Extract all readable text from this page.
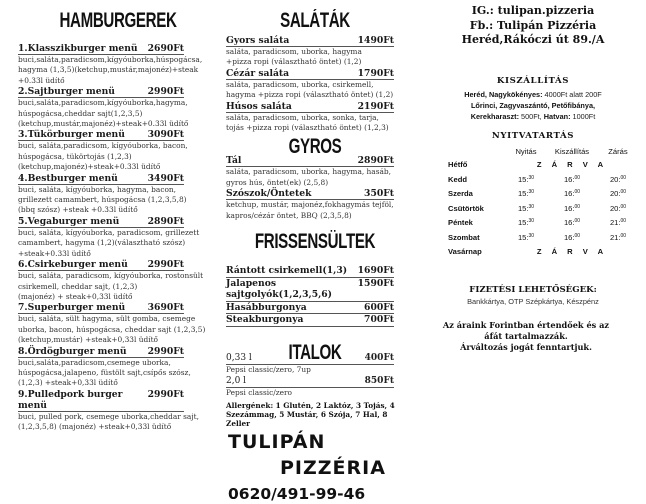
HAMBURGEREK
1.Klasszikburger menü 2690Ft
buci,saláta,paradicsom,kígyóuborka,húspogácsa,
hagyma (1,3,5)(ketchup,mustár,majonéz)+steak
+0.33l üdítő
2.Sajtburger menü	2990Ft
buci,saláta,paradicsom,kígyóuborka,hagyma,
húspogácsa,cheddar sajt(1,2,3,5)
(ketchup,mustár,majonéz)+steak+0.33l üdítő
3.Tükörburger menü 3090Ft
buci, saláta,paradicsom, kígyóuborka, bacon,
húspogácsa, tükörtojás (1,2,3)
(ketchup,majonéz)+steak+0.33l üdítő
4.Bestburger menü	3490Ft
buci, saláta, kígyóuborka, hagyma, bacon,
grillezett camambert, húspogácsa (1,2,3,5,8)
(bbq szósz) +steak +0.33l üdítő
5.Vegaburger menü	2890Ft
buci, saláta, kígyóuborka, paradicsom, grillezett
camambert, hagyma (1,2)(választható szósz)
+steak+0.33l üdítő
6.Csirkeburger menü 2990Ft
buci, saláta, paradicsom, kígyóuborka, rostonsült
csirkemell, cheddar sajt, (1,2,3)
(majonéz) + steak+0,33l üdítő
7.Superburger menü 3690Ft
buci, saláta, sült hagyma, sült gomba, csemege
uborka, bacon, húspogácsa, cheddar sajt (1,2,3,5)
(ketchup,mustár) +steak+0,33l üdítő
8.Ördögburger menü 2990Ft
buci,saláta,paradicsom,csemege uborka,
húspogácsa,jalapeno, füstölt sajt,csípős szósz,
(1,2,3) +steak+0,33l üdítő
9.Pulledpork burger menü
2990Ft
buci, pulled pork, csemege uborka,cheddar sajt,
(1,2,3,5,8) (majonéz) +steak+0,33l üdítő
SALÁTÁK
Gyors saláta	1490Ft
saláta, paradicsom, uborka, hagyma
+pizza ropi (választható öntet) (1,2)
Cézár saláta	1790Ft
saláta, paradicsom, uborka, csirkemell,
hagyma +pizza ropi (választható öntet) (1,2)
Húsos saláta	2190Ft
saláta, paradicsom, uborka, sonka, tarja,
tojás +pizza ropi (választható öntet) (1,2,3)
GYROS
Tál	2890Ft
saláta, paradicsom, uborka, hagyma, hasáb,
gyros hús, öntet(ek) (2,5,8)
Szószok/Öntetek	350Ft
ketchup, mustár, majonéz,fokhagymás tejföl,
kapros/cézár öntet, BBQ (2,3,5,8)
FRISSENSÜLTEK
Rántott csirkemell(1,3) 1690Ft
Jalapenos sajtgolyók(1,2,3,5,6)
1590Ft
Hasábburgonya	600Ft
Steakburgonya	700Ft
ITALOK
0,33 l	400Ft
Pepsi classic/zero, 7up
2,0 l	850Ft
Pepsi classic/zero
Allergének: 1 Glutén, 2 Laktóz, 3 Tojás, 4
Szezámmag, 5 Mustár, 6 Szója, 7 Hal, 8 Zeller
TULIPÁN
PIZZÉRIA
0620/491-99-46
IG.: tulipan.pizzeria
Fb.: Tulipán Pizzéria
Heréd,Rákóczi út 89./A
KISZÁLLÍTÁS
Heréd, Nagykökényes: 4000Ft alatt 200F
Lőrinci, Zagyvaszántó, Petőfibánya,
Kerekharaszt: 500Ft, Hatvan: 1000Ft
NYITVATARTÁS
	Nyitás	Kiszállítás	Zárás
Hétfő	Z Á R V A		
Kedd	15:$^{30}$	16:$^{00}$	20:$^{00}$
Szerda	15:$^{30}$	16:$^{00}$	20:$^{00}$
Csütörtök	15:$^{30}$	16:$^{00}$	20:$^{00}$
Péntek	15:$^{30}$	16:$^{00}$	21:$^{00}$
Szombat	15:$^{30}$	16:$^{00}$	21:$^{00}$
Vasárnap	Z Á R V A		
FIZETÉSI LEHETŐSÉGEK:
Bankkártya, OTP Szépkártya, Készpénz
Az áraink Forintban értendőek és az
áfát tartalmazzák.
Árváltozás jogát fenntartjuk.
